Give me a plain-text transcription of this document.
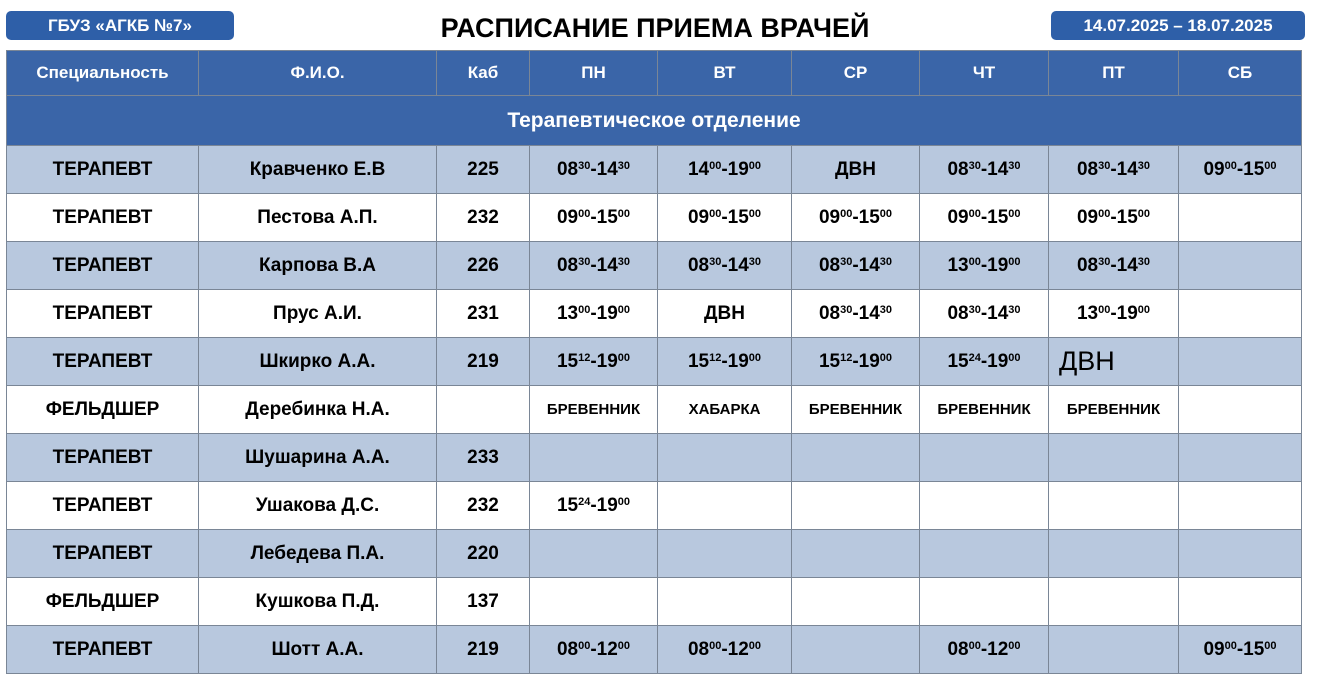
ГБУЗ «АГКБ №7»	РАСПИСАНИЕ ПРИЕМА ВРАЧЕЙ	14.07.2025 – 18.07.2025
Специальность	Ф.И.О.	Каб	ПН	ВТ	СР	ЧТ	ПТ	СБ
Терапевтическое отделение								
ТЕРАПЕВТ	Кравченко Е.В	225	$08^{30}-14^{30}$	$14^{00}-19^{00}$	ДВН	$08^{30}-14^{30}$	$08^{30}-14^{30}$	$09^{00}-15^{00}$
ТЕРАПЕВТ	Пестова А.П.	232	$09^{00}-15^{00}$	$09^{00}-15^{00}$	$09^{00}-15^{00}$	$09^{00}-15^{00}$	$09^{00}-15^{00}$	
ТЕРАПЕВТ	Карпова В.А	226	$08^{30}-14^{30}$	$08^{30}-14^{30}$	$08^{30}-14^{30}$	$13^{00}-19^{00}$	$08^{30}-14^{30}$	
ТЕРАПЕВТ	Прус А.И.	231	$13^{00}-19^{00}$	ДВН	$08^{30}-14^{30}$	$08^{30}-14^{30}$	$13^{00}-19^{00}$	
ТЕРАПЕВТ	Шкирко А.А.	219	$15^{12}-19^{00}$	$15^{12}-19^{00}$	$15^{12}-19^{00}$	$15^{24}-19^{00}$	ДВН	
ФЕЛЬДШЕР	Деребинка Н.А.		БРЕВЕННИК	ХАБАРКА	БРЕВЕННИК	БРЕВЕННИК	БРЕВЕННИК	
ТЕРАПЕВТ	Шушарина А.А.	233						
ТЕРАПЕВТ	Ушакова Д.С.	232	$15^{24}-19^{00}$					
ТЕРАПЕВТ	Лебедева П.А.	220						
ФЕЛЬДШЕР	Кушкова П.Д.	137						
ТЕРАПЕВТ	Шотт А.А.	219	$08^{00}-12^{00}$	$08^{00}-12^{00}$		$08^{00}-12^{00}$		$09^{00}-15^{00}$
